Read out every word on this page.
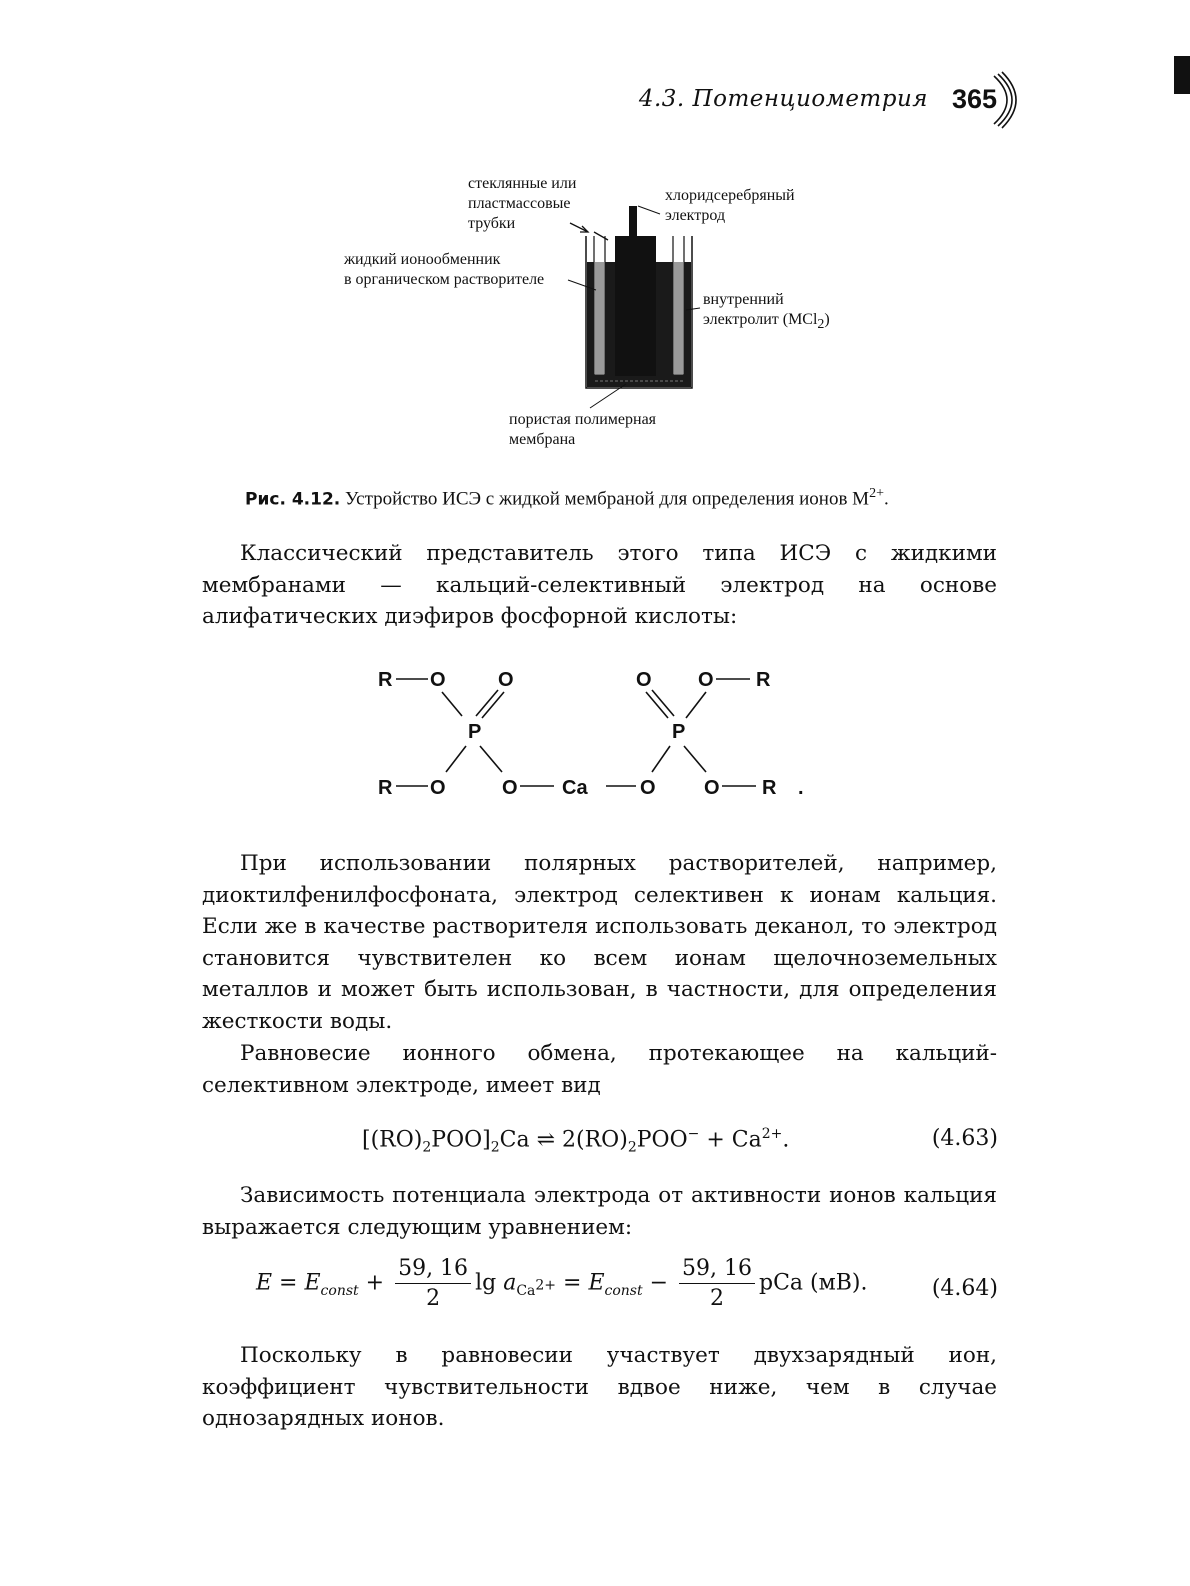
4.3. Потенциометрия 365
стеклянные или
пластмассовые
трубки
хлоридсеребряный
электрод
жидкий ионообменник
в органическом растворителе
внутренний
электролит (MCl$_2$)
пористая полимерная
мембрана
Рис. 4.12. Устройство ИСЭ с жидкой мембраной для определения ионов $M^{2+}$.

Классический представитель этого типа ИСЭ с жидкими мембранами — кальций-селективный электрод на основе алифатических диэфиров фосфорной кислоты:

R O	O
P
R O	O Ca	O
O O R
P
O R .

При использовании полярных растворителей, например, диоктилфенилфосфоната, электрод селективен к ионам кальция. Если же в качестве растворителя использовать деканол, то электрод становится чувствителен ко всем ионам щелочноземельных металлов и может быть использован, в частности, для определения жесткости воды.

Равновесие ионного обмена, протекающее на кальций-селективном электроде, имеет вид

$[(RO)_2POO]_2Ca$ ⇌ $2(RO)_2POO^- + Ca^{2+}$.	(4.63)

Зависимость потенциала электрода от активности ионов кальция выражается следующим уравнением:

$E = E_{const} + \frac{59, 16}{2}$ $\lg a_{Ca^{2+}} = E_{const} - \frac{59, 16}{2}$ pCa (мВ).	(4.64)

Поскольку в равновесии участвует двухзарядный ион, коэффициент чувствительности вдвое ниже, чем в случае однозарядных ионов.
